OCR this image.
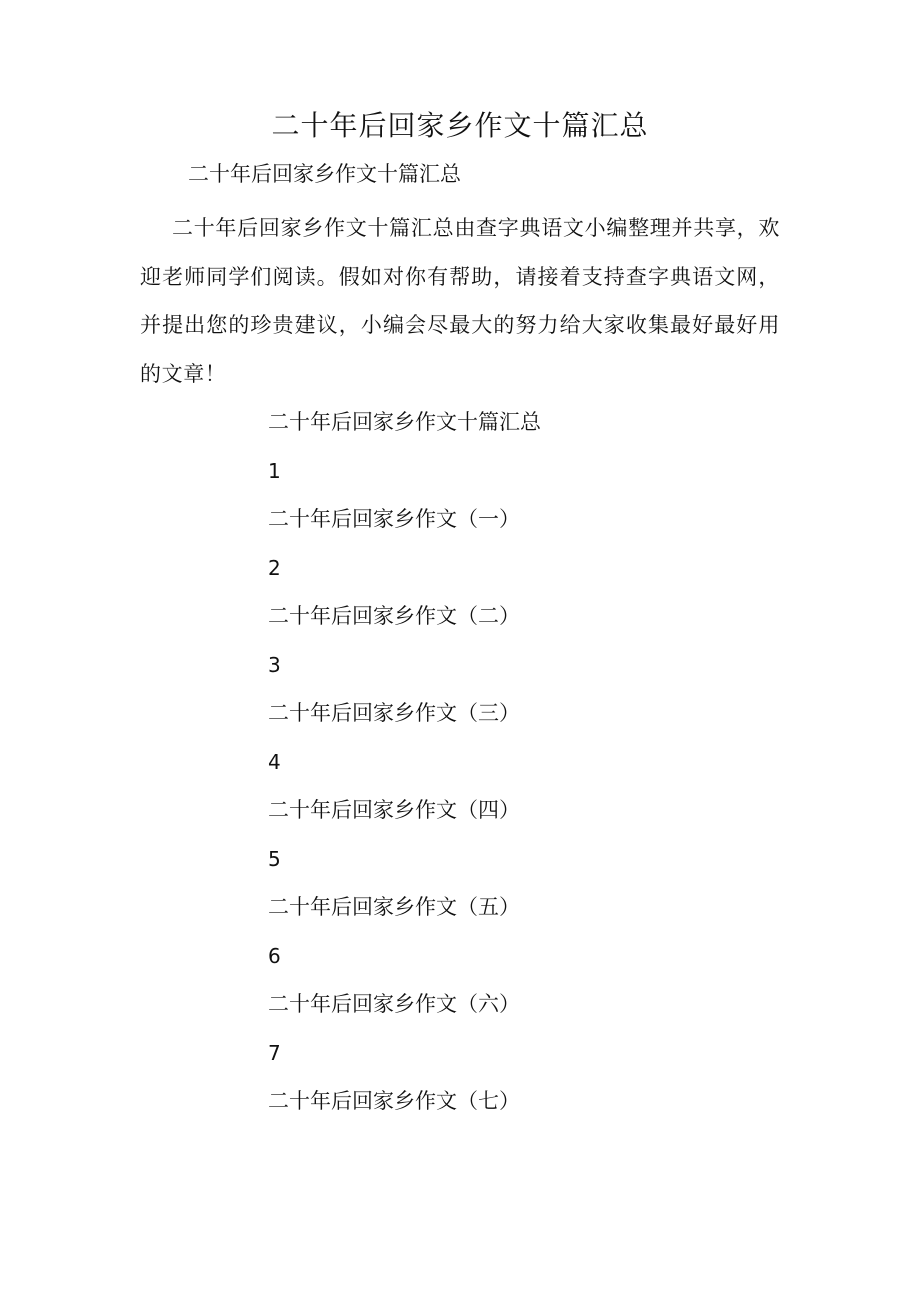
二十年后回家乡作文十篇汇总

二十年后回家乡作文十篇汇总

二十年后回家乡作文十篇汇总由查字典语文小编整理并共享，欢迎老师同学们阅读。假如对你有帮助，请接着支持查字典语文网，并提出您的珍贵建议，小编会尽最大的努力给大家收集最好最好用的文章！

二十年后回家乡作文十篇汇总
1
二十年后回家乡作文（一）
2
二十年后回家乡作文（二）
3
二十年后回家乡作文（三）
4
二十年后回家乡作文（四）
5
二十年后回家乡作文（五）
6
二十年后回家乡作文（六）
7
二十年后回家乡作文（七）
